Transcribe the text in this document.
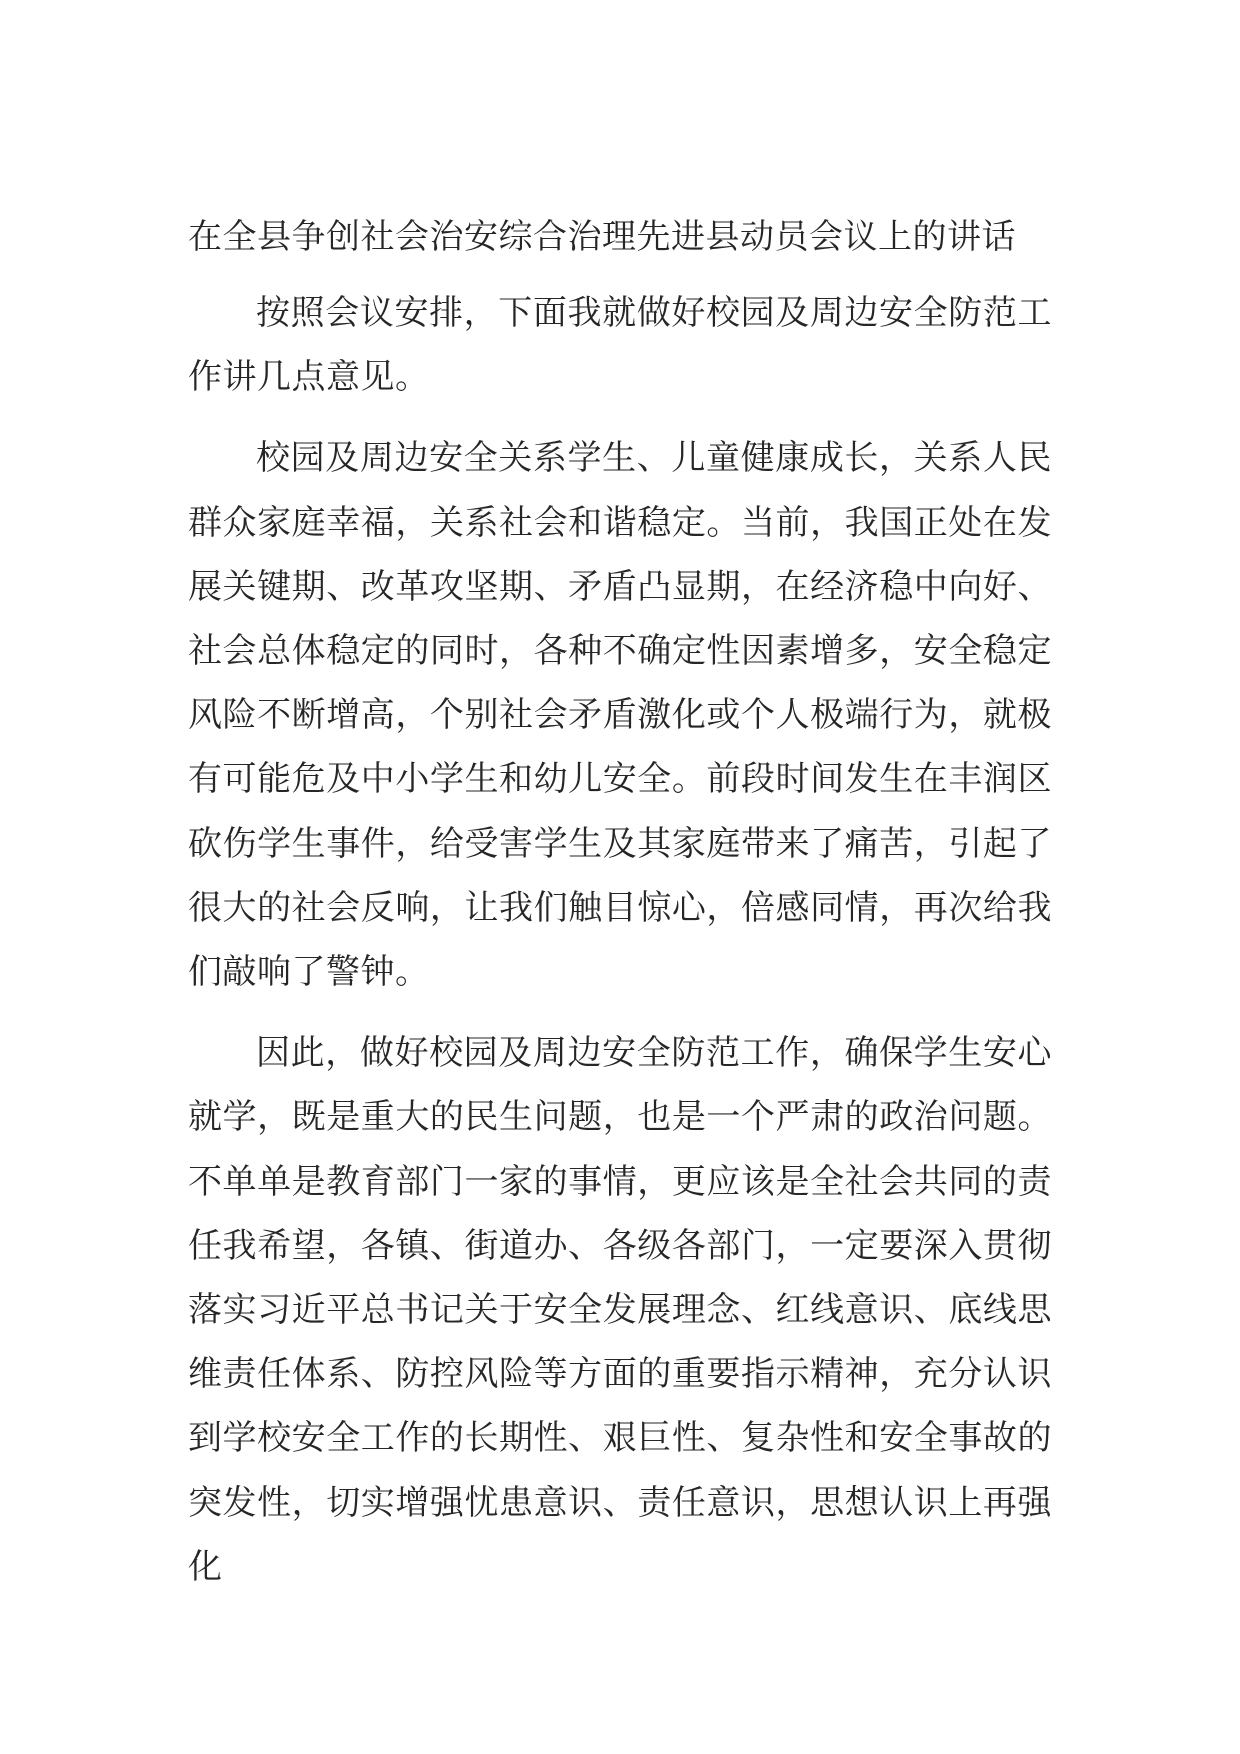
在全县争创社会治安综合治理先进县动员会议上的讲话

按照会议安排，下面我就做好校园及周边安全防范工作讲几点意见。

校园及周边安全关系学生、儿童健康成长，关系人民群众家庭幸福，关系社会和谐稳定。当前，我国正处在发展关键期、改革攻坚期、矛盾凸显期，在经济稳中向好、社会总体稳定的同时，各种不确定性因素增多，安全稳定风险不断增高，个别社会矛盾激化或个人极端行为，就极有可能危及中小学生和幼儿安全。前段时间发生在丰润区砍伤学生事件，给受害学生及其家庭带来了痛苦，引起了很大的社会反响，让我们触目惊心，倍感同情，再次给我们敲响了警钟。

因此，做好校园及周边安全防范工作，确保学生安心就学，既是重大的民生问题，也是一个严肃的政治问题。不单单是教育部门一家的事情，更应该是全社会共同的责任我希望，各镇、街道办、各级各部门，一定要深入贯彻落实习近平总书记关于安全发展理念、红线意识、底线思维责任体系、防控风险等方面的重要指示精神，充分认识到学校安全工作的长期性、艰巨性、复杂性和安全事故的突发性，切实增强忧患意识、责任意识，思想认识上再强化
